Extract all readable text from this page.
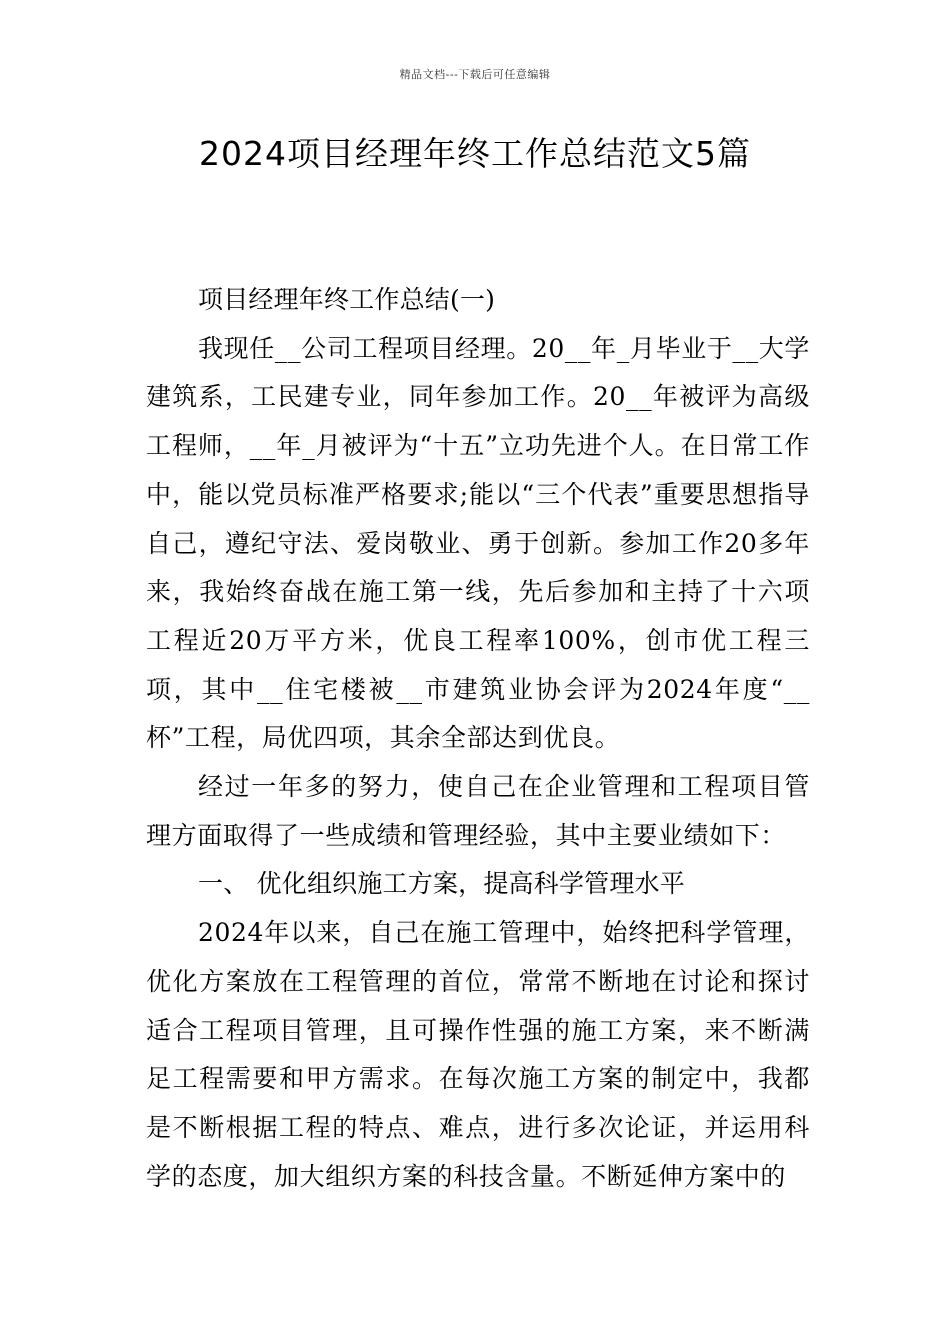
精品文档---下载后可任意编辑
2024项目经理年终工作总结范文5篇

项目经理年终工作总结(一)

我现任__公司工程项目经理。20__年_月毕业于__大学建筑系，工民建专业，同年参加工作。20__年被评为高级工程师，__年_月被评为“十五”立功先进个人。在日常工作中，能以党员标准严格要求;能以“三个代表”重要思想指导自己，遵纪守法、爱岗敬业、勇于创新。参加工作20多年来，我始终奋战在施工第一线，先后参加和主持了十六项工程近20万平方米，优良工程率100%，创市优工程三项，其中__住宅楼被__市建筑业协会评为2024年度“__杯”工程，局优四项，其余全部达到优良。

经过一年多的努力，使自己在企业管理和工程项目管理方面取得了一些成绩和管理经验，其中主要业绩如下：

一、 优化组织施工方案，提高科学管理水平

2024年以来，自己在施工管理中，始终把科学管理，优化方案放在工程管理的首位，常常不断地在讨论和探讨适合工程项目管理，且可操作性强的施工方案，来不断满足工程需要和甲方需求。在每次施工方案的制定中，我都是不断根据工程的特点、难点，进行多次论证，并运用科学的态度，加大组织方案的科技含量。不断延伸方案中的
